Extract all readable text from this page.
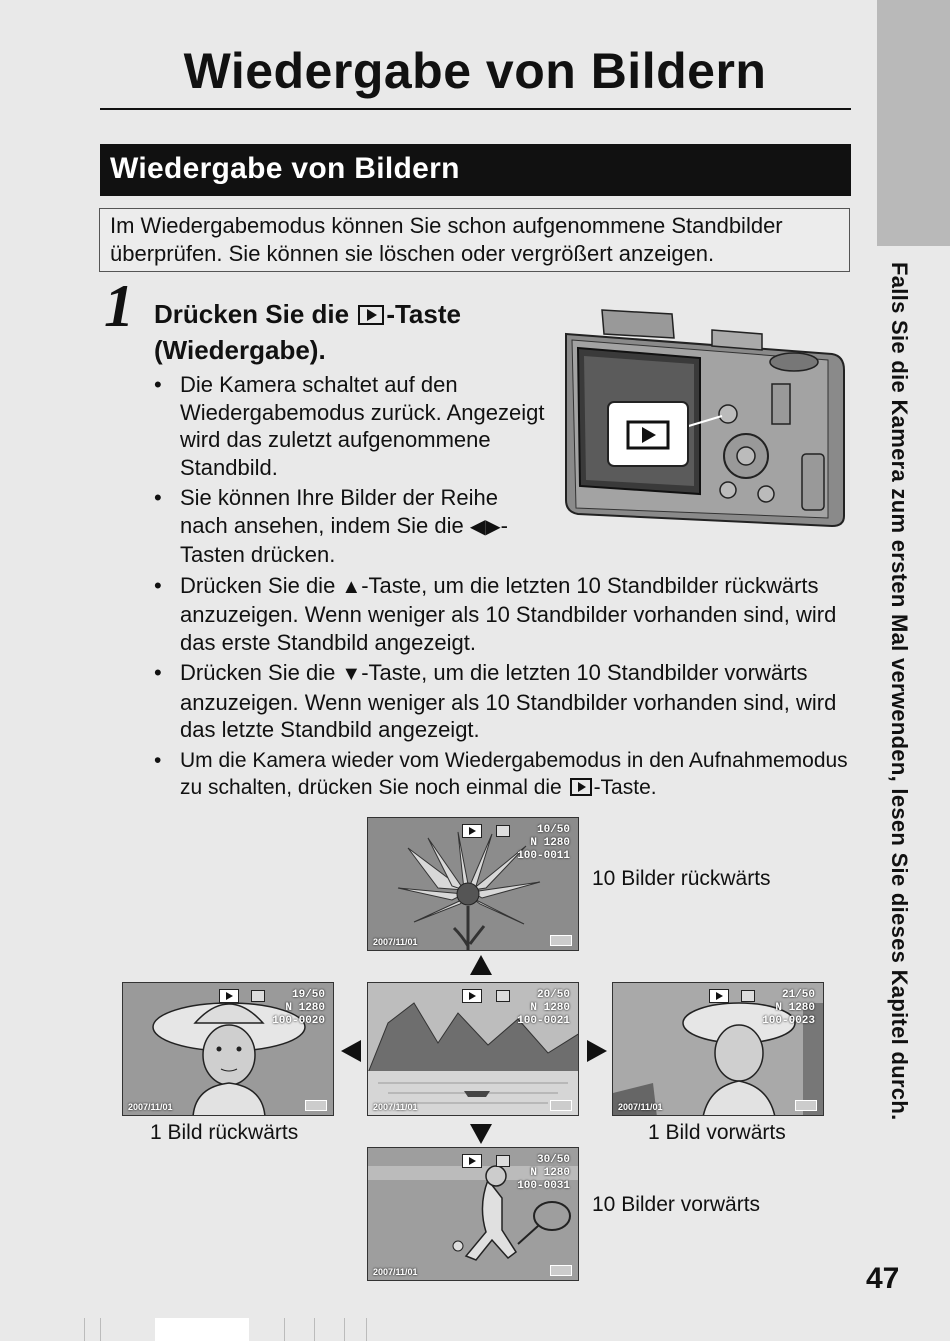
Falls Sie die Kamera zum ersten Mal verwenden, lesen Sie dieses Kapitel durch.
47
Wiedergabe von Bildern
Wiedergabe von Bildern
Im Wiedergabemodus können Sie schon aufgenommene Standbilder überprüfen. Sie können sie löschen oder vergrößert anzeigen.
1 Drücken Sie die -Taste (Wiedergabe).
• Die Kamera schaltet auf den Wiedergabemodus zurück. Angezeigt wird das zuletzt aufgenommene Standbild.
• Sie können Ihre Bilder der Reihe nach ansehen, indem Sie die ◀▶-Tasten drücken.
• Drücken Sie die ▲-Taste, um die letzten 10 Standbilder rückwärts anzuzeigen. Wenn weniger als 10 Standbilder vorhanden sind, wird das erste Standbild angezeigt.
• Drücken Sie die ▼-Taste, um die letzten 10 Standbilder vorwärts anzuzeigen. Wenn weniger als 10 Standbilder vorhanden sind, wird das letzte Standbild angezeigt.
• Um die Kamera wieder vom Wiedergabemodus in den Aufnahmemodus zu schalten, drücken Sie noch einmal die -Taste.
10/50
N 1280
100-0011
2007/11/01
19/50
N 1280
100-0020
2007/11/01
20/50
N 1280
100-0021
2007/11/01
21/50
N 1280
100-0023
2007/11/01
30/50
N 1280
100-0031
2007/11/01
10 Bilder rückwärts
1 Bild rückwärts	1 Bild vorwärts
10 Bilder vorwärts
